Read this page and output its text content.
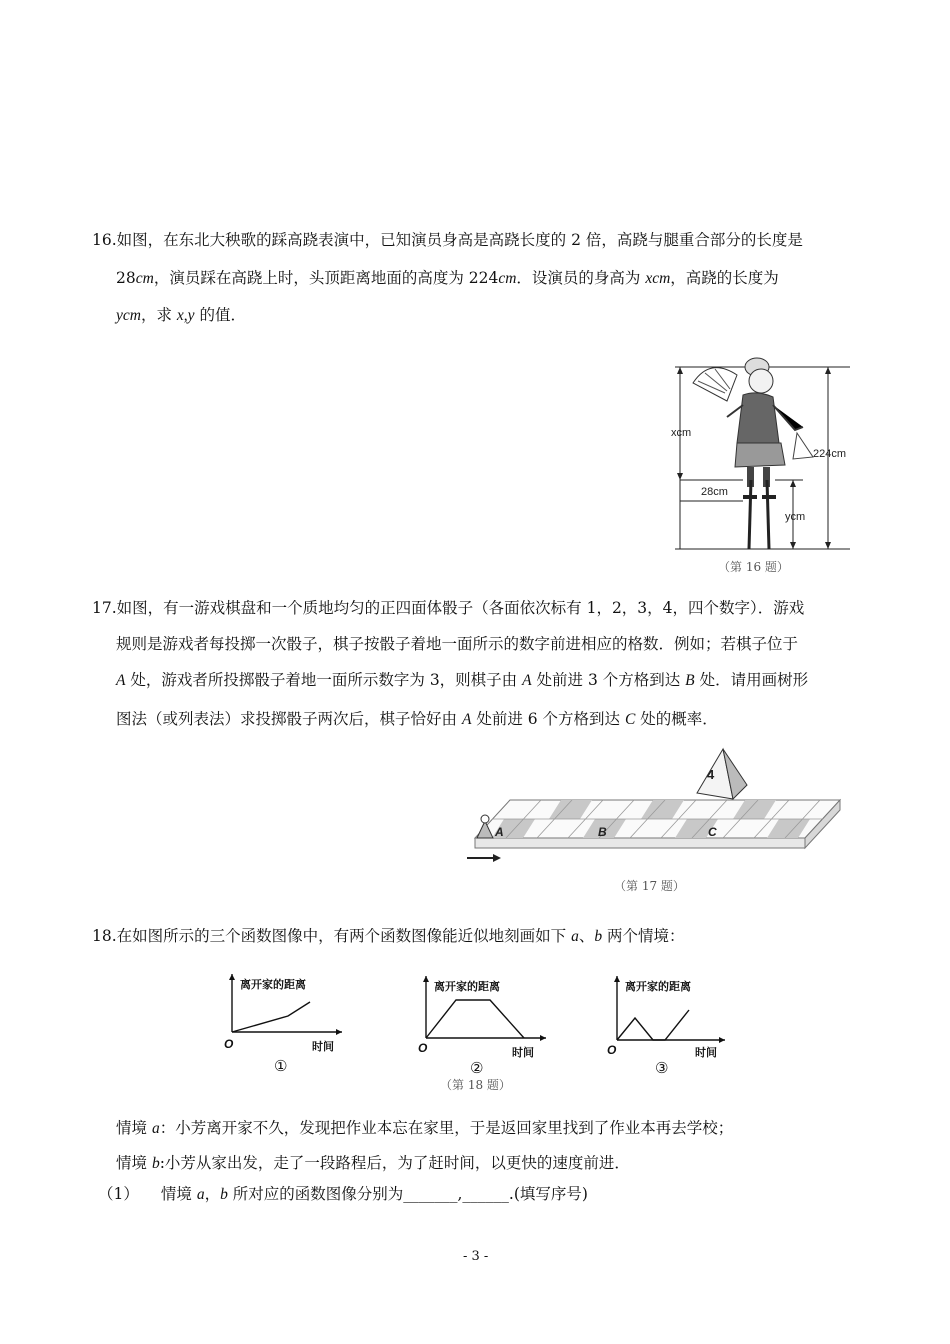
16.如图，在东北大秧歌的踩高跷表演中，已知演员身高是高跷长度的 2 倍，高跷与腿重合部分的长度是
28cm，演员踩在高跷上时，头顶距离地面的高度为 224cm．设演员的身高为 xcm，高跷的长度为
ycm，求 x,y 的值．
xcm
224cm
28cm
ycm
（第 16 题）
17.如图，有一游戏棋盘和一个质地均匀的正四面体骰子（各面依次标有 1，2，3，4，四个数字）．游戏
规则是游戏者每投掷一次骰子，棋子按骰子着地一面所示的数字前进相应的格数．例如；若棋子位于
A 处，游戏者所投掷骰子着地一面所示数字为 3，则棋子由 A 处前进 3 个方格到达 B 处．请用画树形
图法（或列表法）求投掷骰子两次后，棋子恰好由 A 处前进 6 个方格到达 C 处的概率．
4
A	B	C
（第 17 题）
18.在如图所示的三个函数图像中，有两个函数图像能近似地刻画如下 a、b 两个情境：
离开家的距离
时间
O
①
离开家的距离
时间
O
②
（第 18 题）
离开家的距离
时间
O
③
情境 a：小芳离开家不久，发现把作业本忘在家里，于是返回家里找到了作业本再去学校；
情境 b:小芳从家出发，走了一段路程后，为了赶时间，以更快的速度前进．
（1） 情境 a，b 所对应的函数图像分别为_______,______.(填写序号)
- 3 -
